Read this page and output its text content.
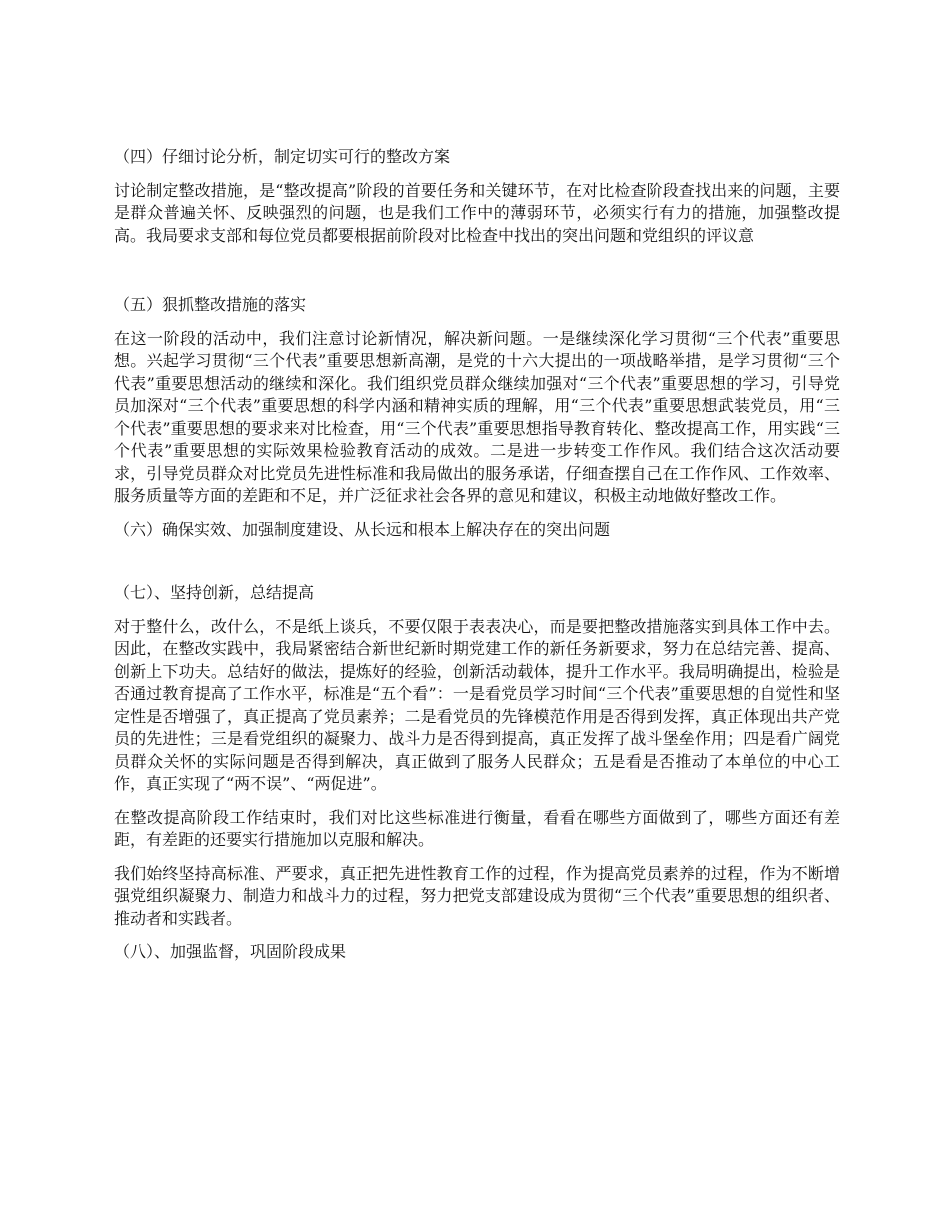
（四）仔细讨论分析，制定切实可行的整改方案
讨论制定整改措施，是“整改提高”阶段的首要任务和关键环节，在对比检查阶段查找出来的问题，主要是群众普遍关怀、反映强烈的问题，也是我们工作中的薄弱环节，必须实行有力的措施，加强整改提高。我局要求支部和每位党员都要根据前阶段对比检查中找出的突出问题和党组织的评议意
（五）狠抓整改措施的落实
在这一阶段的活动中，我们注意讨论新情况，解决新问题。一是继续深化学习贯彻“三个代表”重要思想。兴起学习贯彻“三个代表”重要思想新高潮，是党的十六大提出的一项战略举措，是学习贯彻“三个代表”重要思想活动的继续和深化。我们组织党员群众继续加强对“三个代表”重要思想的学习，引导党员加深对“三个代表”重要思想的科学内涵和精神实质的理解，用“三个代表”重要思想武装党员，用“三个代表”重要思想的要求来对比检查，用“三个代表”重要思想指导教育转化、整改提高工作，用实践“三个代表”重要思想的实际效果检验教育活动的成效。二是进一步转变工作作风。我们结合这次活动要求，引导党员群众对比党员先进性标准和我局做出的服务承诺，仔细查摆自己在工作作风、工作效率、服务质量等方面的差距和不足，并广泛征求社会各界的意见和建议，积极主动地做好整改工作。
（六）确保实效、加强制度建设、从长远和根本上解决存在的突出问题
（七）、坚持创新，总结提高
对于整什么，改什么，不是纸上谈兵，不要仅限于表表决心，而是要把整改措施落实到具体工作中去。因此，在整改实践中，我局紧密结合新世纪新时期党建工作的新任务新要求，努力在总结完善、提高、创新上下功夫。总结好的做法，提炼好的经验，创新活动载体，提升工作水平。我局明确提出，检验是否通过教育提高了工作水平，标准是“五个看”：一是看党员学习时间“三个代表”重要思想的自觉性和坚定性是否增强了，真正提高了党员素养；二是看党员的先锋模范作用是否得到发挥，真正体现出共产党员的先进性；三是看党组织的凝聚力、战斗力是否得到提高，真正发挥了战斗堡垒作用；四是看广阔党员群众关怀的实际问题是否得到解决，真正做到了服务人民群众；五是看是否推动了本单位的中心工作，真正实现了“两不误”、“两促进”。
在整改提高阶段工作结束时，我们对比这些标准进行衡量，看看在哪些方面做到了，哪些方面还有差距，有差距的还要实行措施加以克服和解决。
我们始终坚持高标准、严要求，真正把先进性教育工作的过程，作为提高党员素养的过程，作为不断增强党组织凝聚力、制造力和战斗力的过程，努力把党支部建设成为贯彻“三个代表”重要思想的组织者、推动者和实践者。
（八）、加强监督，巩固阶段成果
